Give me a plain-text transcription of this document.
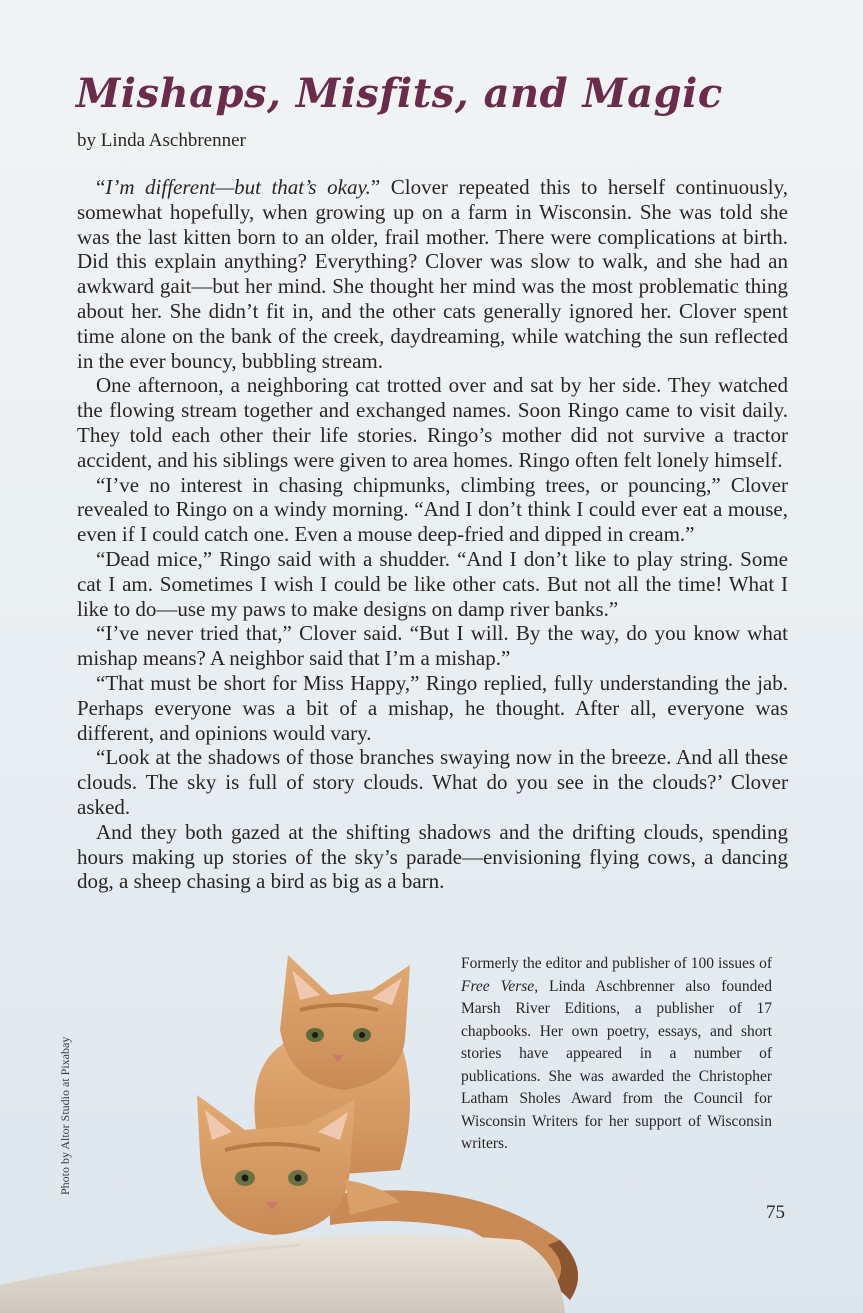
Mishaps, Misfits, and Magic
by Linda Aschbrenner

“I’m different—but that’s okay.” Clover repeated this to herself continuously, somewhat hopefully, when growing up on a farm in Wisconsin. She was told she was the last kitten born to an older, frail mother. There were complications at birth. Did this explain anything? Everything? Clover was slow to walk, and she had an awkward gait—but her mind. She thought her mind was the most problematic thing about her. She didn’t fit in, and the other cats generally ignored her. Clover spent time alone on the bank of the creek, daydreaming, while watching the sun reflected in the ever bouncy, bubbling stream.

One afternoon, a neighboring cat trotted over and sat by her side. They watched the flowing stream together and exchanged names. Soon Ringo came to visit daily. They told each other their life stories. Ringo’s mother did not survive a tractor accident, and his siblings were given to area homes. Ringo often felt lonely himself.

“I’ve no interest in chasing chipmunks, climbing trees, or pouncing,” Clover revealed to Ringo on a windy morning. “And I don’t think I could ever eat a mouse, even if I could catch one. Even a mouse deep-fried and dipped in cream.”

“Dead mice,” Ringo said with a shudder. “And I don’t like to play string. Some cat I am. Sometimes I wish I could be like other cats. But not all the time! What I like to do—use my paws to make designs on damp river banks.”

“I’ve never tried that,” Clover said. “But I will. By the way, do you know what mishap means? A neighbor said that I’m a mishap.”

“That must be short for Miss Happy,” Ringo replied, fully understanding the jab. Perhaps everyone was a bit of a mishap, he thought. After all, everyone was different, and opinions would vary.

“Look at the shadows of those branches swaying now in the breeze. And all these clouds. The sky is full of story clouds. What do you see in the clouds?’ Clover asked.

And they both gazed at the shifting shadows and the drifting clouds, spending hours making up stories of the sky’s parade—envisioning flying cows, a dancing dog, a sheep chasing a bird as big as a barn.

Formerly the editor and publisher of 100 issues of Free Verse, Linda Aschbrenner also founded Marsh River Editions, a publisher of 17 chapbooks. Her own poetry, essays, and short stories have appeared in a number of publications. She was awarded the Christopher Latham Sholes Award from the Council for Wisconsin Writers for her support of Wisconsin writers.

Photo by Altor Studio at Pixabay
75
